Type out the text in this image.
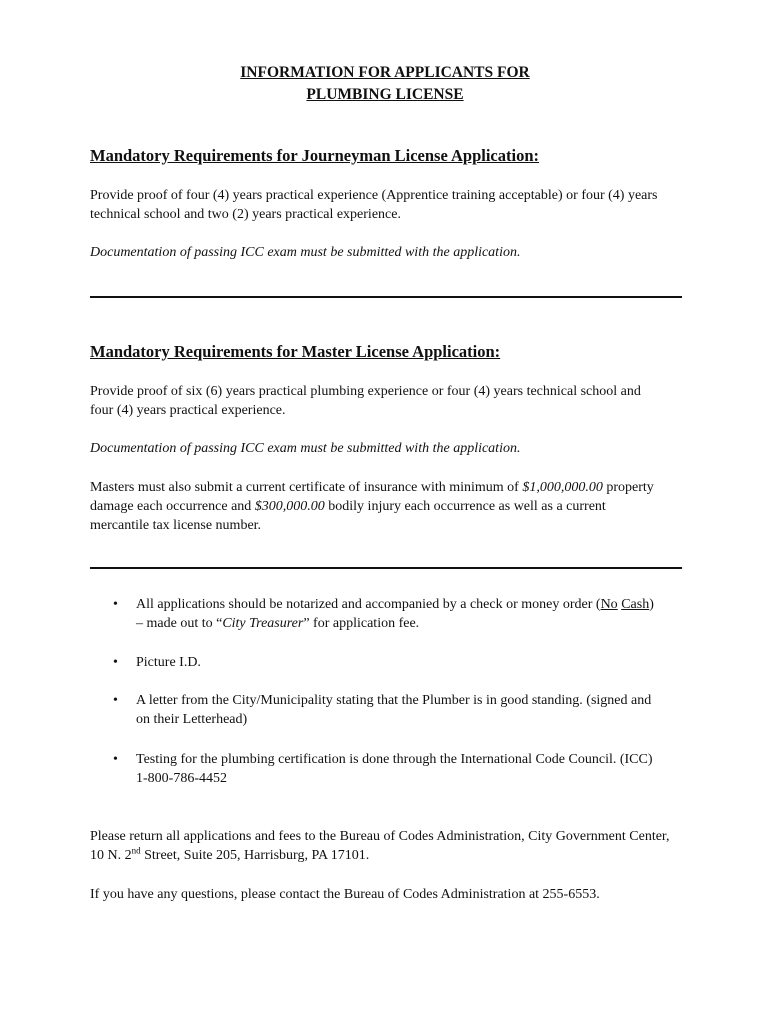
INFORMATION FOR APPLICANTS FOR
PLUMBING LICENSE
Mandatory Requirements for Journeyman License Application:
Provide proof of four (4) years practical experience (Apprentice training acceptable) or four (4) years
technical school and two (2) years practical experience.
Documentation of passing ICC exam must be submitted with the application.
Mandatory Requirements for Master License Application:
Provide proof of six (6) years practical plumbing experience or four (4) years technical school and
four (4) years practical experience.
Documentation of passing ICC exam must be submitted with the application.
Masters must also submit a current certificate of insurance with minimum of $1,000,000.00 property
damage each occurrence and $300,000.00 bodily injury each occurrence as well as a current
mercantile tax license number.
• All applications should be notarized and accompanied by a check or money order (No Cash)
– made out to “City Treasurer” for application fee.
• Picture I.D.
• A letter from the City/Municipality stating that the Plumber is in good standing. (signed and
on their Letterhead)
• Testing for the plumbing certification is done through the International Code Council. (ICC)
1-800-786-4452
Please return all applications and fees to the Bureau of Codes Administration, City Government Center,
10 N. 2nd Street, Suite 205, Harrisburg, PA 17101.
If you have any questions, please contact the Bureau of Codes Administration at 255-6553.
